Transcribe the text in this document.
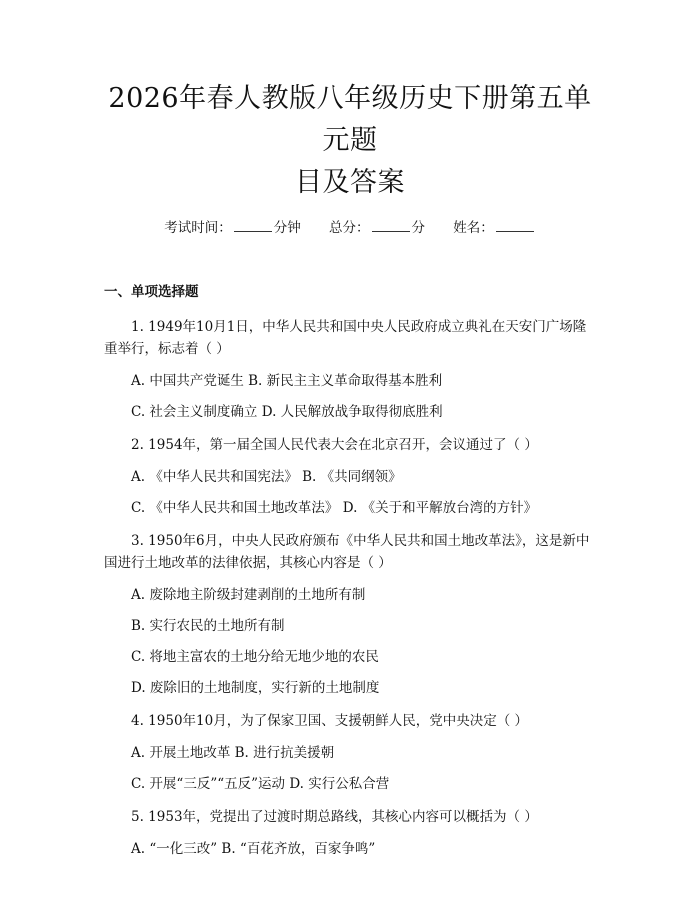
2026年春人教版八年级历史下册第五单元题
目及答案
考试时间：	分钟 总分：	分 姓名：
一、单项选择题

1. 1949年10月1日，中华人民共和国中央人民政府成立典礼在天安门广场隆重举行，标志着（ ）

A. 中国共产党诞生 B. 新民主主义革命取得基本胜利

C. 社会主义制度确立 D. 人民解放战争取得彻底胜利

2. 1954年，第一届全国人民代表大会在北京召开，会议通过了（ ）

A. 《中华人民共和国宪法》 B. 《共同纲领》

C. 《中华人民共和国土地改革法》 D. 《关于和平解放台湾的方针》

3. 1950年6月，中央人民政府颁布《中华人民共和国土地改革法》，这是新中国进行土地改革的法律依据，其核心内容是（ ）

A. 废除地主阶级封建剥削的土地所有制

B. 实行农民的土地所有制

C. 将地主富农的土地分给无地少地的农民

D. 废除旧的土地制度，实行新的土地制度

4. 1950年10月，为了保家卫国、支援朝鲜人民，党中央决定（ ）

A. 开展土地改革 B. 进行抗美援朝

C. 开展“三反”“五反”运动 D. 实行公私合营

5. 1953年，党提出了过渡时期总路线，其核心内容可以概括为（ ）

A. “一化三改” B. “百花齐放，百家争鸣”
